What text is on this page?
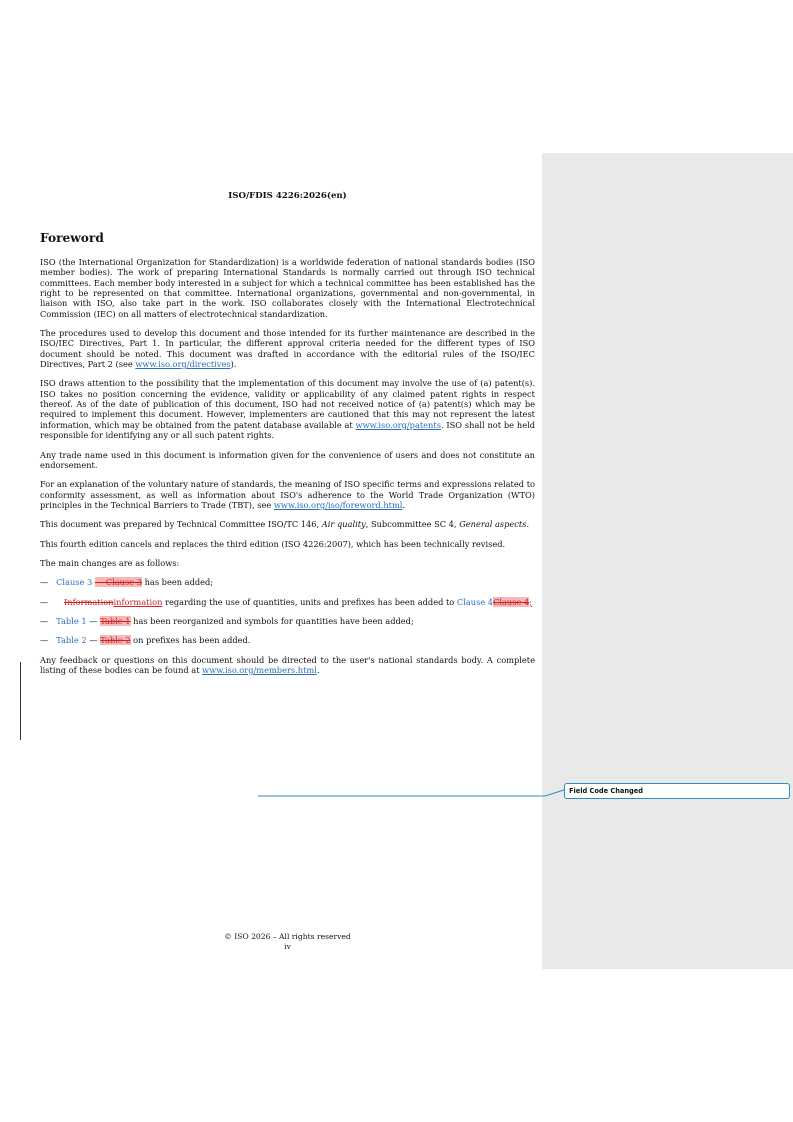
ISO/FDIS 4226:2026(en)
Foreword

ISO (the International Organization for Standardization) is a worldwide federation of national standards bodies (ISO member bodies). The work of preparing International Standards is normally carried out through ISO technical committees. Each member body interested in a subject for which a technical committee has been established has the right to be represented on that committee. International organizations, governmental and non-governmental, in liaison with ISO, also take part in the work. ISO collaborates closely with the International Electrotechnical Commission (IEC) on all matters of electrotechnical standardization.

The procedures used to develop this document and those intended for its further maintenance are described in the ISO/IEC Directives, Part 1. In particular, the different approval criteria needed for the different types of ISO document should be noted. This document was drafted in accordance with the editorial rules of the ISO/IEC Directives, Part 2 (see www.iso.org/directives).

ISO draws attention to the possibility that the implementation of this document may involve the use of (a) patent(s). ISO takes no position concerning the evidence, validity or applicability of any claimed patent rights in respect thereof. As of the date of publication of this document, ISO had not received notice of (a) patent(s) which may be required to implement this document. However, implementers are cautioned that this may not represent the latest information, which may be obtained from the patent database available at www.iso.org/patents. ISO shall not be held responsible for identifying any or all such patent rights.

Any trade name used in this document is information given for the convenience of users and does not constitute an endorsement.

For an explanation of the voluntary nature of standards, the meaning of ISO specific terms and expressions related to conformity assessment, as well as information about ISO's adherence to the World Trade Organization (WTO) principles in the Technical Barriers to Trade (TBT), see www.iso.org/iso/foreword.html.

This document was prepared by Technical Committee ISO/TC 146, Air quality, Subcommittee SC 4, General aspects.

This fourth edition cancels and replaces the third edition (ISO 4226:2007), which has been technically revised.

The main changes are as follows:

— Clause 3 — Clause 3 has been added;
— Informationinformation regarding the use of quantities, units and prefixes has been added to Clause 4Clause 4;
— Table 1 — Table 1 has been reorganized and symbols for quantities have been added;
— Table 2 — Table 2 on prefixes has been added.

Any feedback or questions on this document should be directed to the user's national standards body. A complete listing of these bodies can be found at www.iso.org/members.html.

Field Code Changed
© ISO 2026 – All rights reserved
iv
